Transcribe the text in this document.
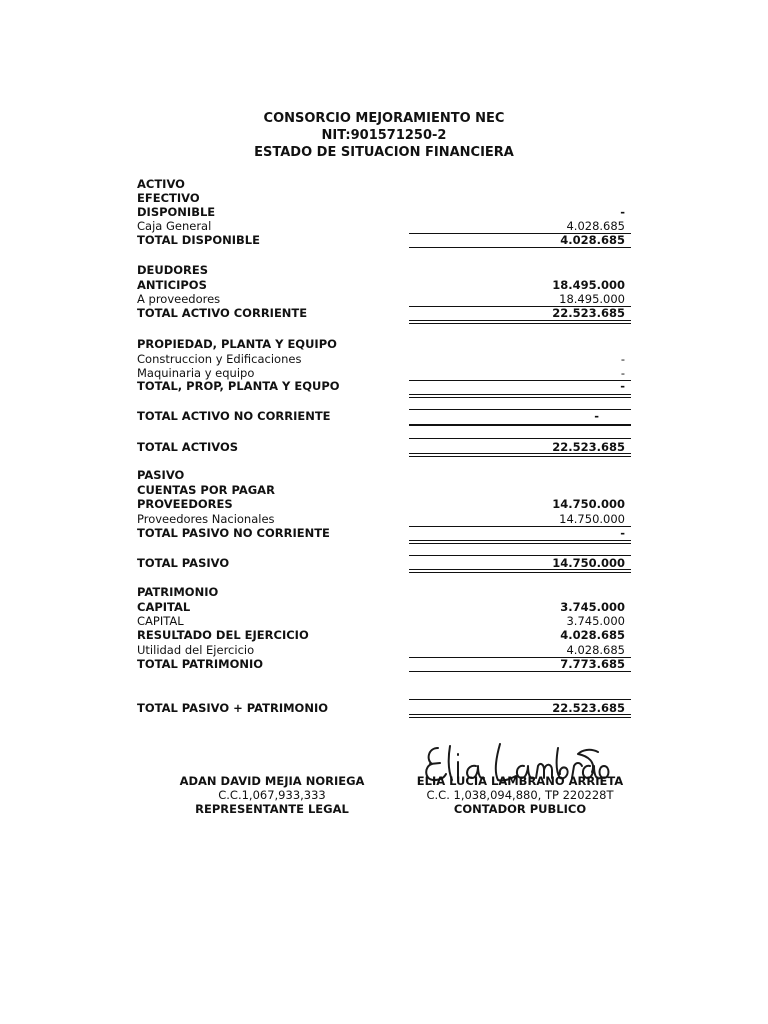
CONSORCIO MEJORAMIENTO NEC
NIT:901571250-2
ESTADO DE SITUACION FINANCIERA
ACTIVO
EFECTIVO
DISPONIBLE	-
Caja General	4.028.685
TOTAL DISPONIBLE	4.028.685
DEUDORES
ANTICIPOS	18.495.000
A proveedores	18.495.000
TOTAL ACTIVO CORRIENTE	22.523.685
PROPIEDAD, PLANTA Y EQUIPO
Construccion y Edificaciones	-
Maquinaria y equipo	-
TOTAL, PROP, PLANTA Y EQUPO	-
TOTAL ACTIVO NO CORRIENTE	-
TOTAL ACTIVOS	22.523.685
PASIVO
CUENTAS POR PAGAR
PROVEEDORES	14.750.000
Proveedores Nacionales	14.750.000
TOTAL PASIVO NO CORRIENTE	-
TOTAL PASIVO	14.750.000
PATRIMONIO
CAPITAL	3.745.000
CAPITAL	3.745.000
RESULTADO DEL EJERCICIO	4.028.685
Utilidad del Ejercicio	4.028.685
TOTAL PATRIMONIO	7.773.685
TOTAL PASIVO + PATRIMONIO	22.523.685
ADAN DAVID MEJIA NORIEGA
C.C.1,067,933,333
REPRESENTANTE LEGAL
ELIA LUCIA LAMBRANO ARRIETA
C.C. 1,038,094,880, TP 220228T
CONTADOR PUBLICO
